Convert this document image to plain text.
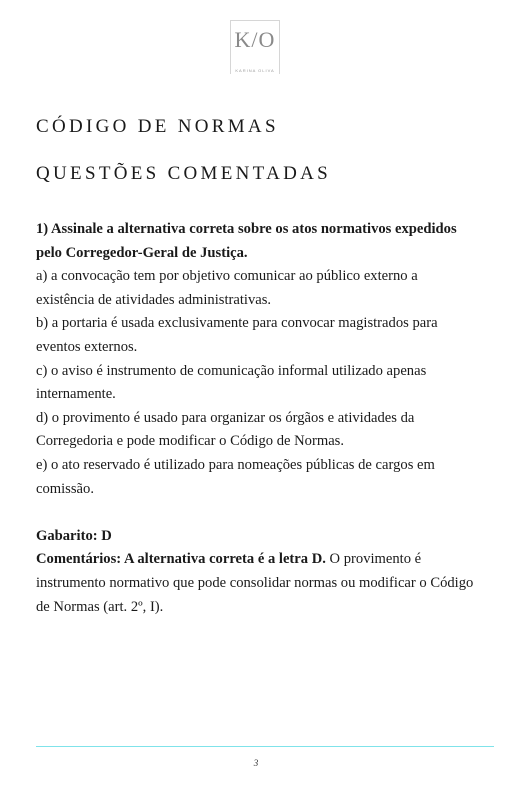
K/O
KARINA OLIVA
CÓDIGO DE NORMAS
QUESTÕES COMENTADAS

1) Assinale a alternativa correta sobre os atos normativos expedidos pelo Corregedor-Geral de Justiça.

a) a convocação tem por objetivo comunicar ao público externo a existência de atividades administrativas.

b) a portaria é usada exclusivamente para convocar magistrados para eventos externos.

c) o aviso é instrumento de comunicação informal utilizado apenas internamente.

d) o provimento é usado para organizar os órgãos e atividades da Corregedoria e pode modificar o Código de Normas.

e) o ato reservado é utilizado para nomeações públicas de cargos em comissão.

Gabarito: D

Comentários: A alternativa correta é a letra D. O provimento é instrumento normativo que pode consolidar normas ou modificar o Código de Normas (art. 2º, I).

3
